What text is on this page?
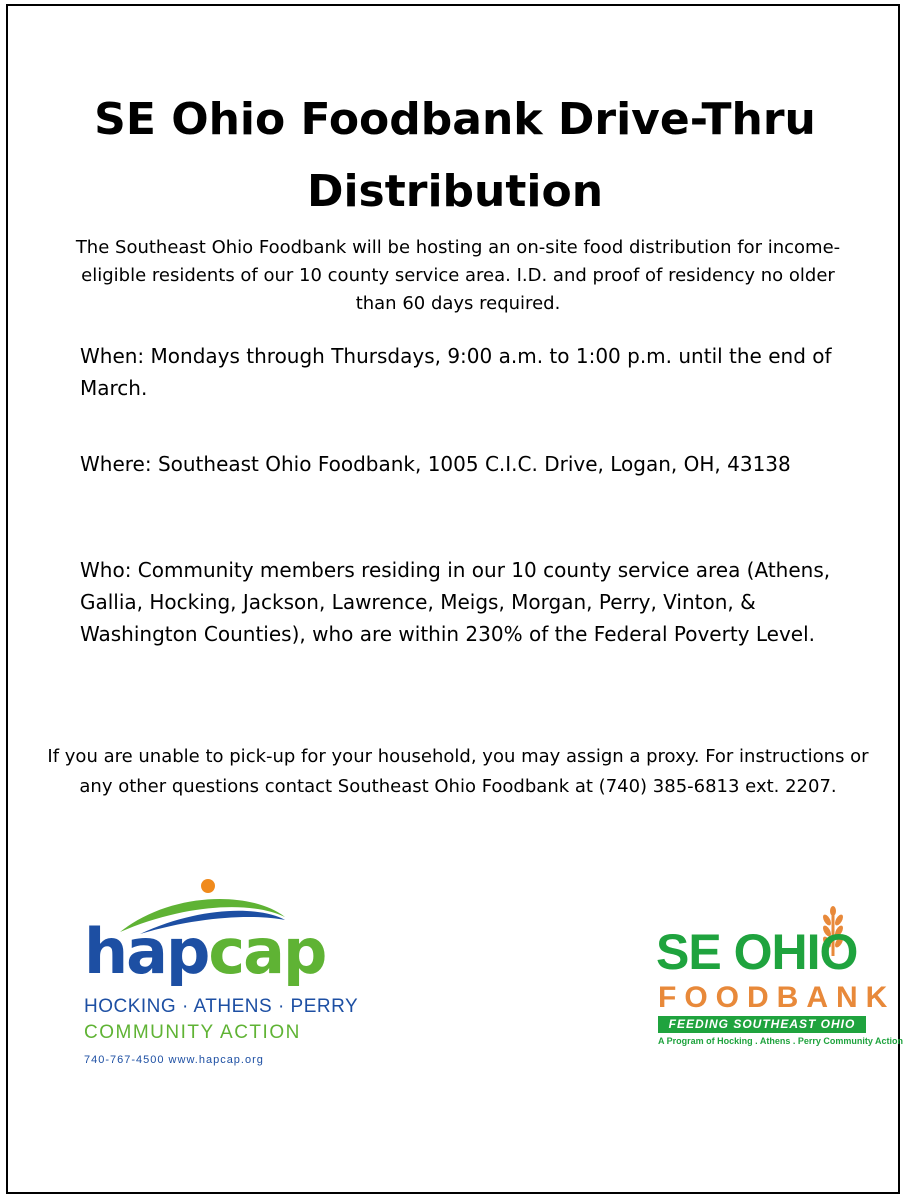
SE Ohio Foodbank Drive-Thru Distribution

The Southeast Ohio Foodbank will be hosting an on-site food distribution for income-eligible residents of our 10 county service area. I.D. and proof of residency no older than 60 days required.

When: Mondays through Thursdays, 9:00 a.m. to 1:00 p.m. until the end of March.

Where: Southeast Ohio Foodbank, 1005 C.I.C. Drive, Logan, OH, 43138

Who: Community members residing in our 10 county service area (Athens, Gallia, Hocking, Jackson, Lawrence, Meigs, Morgan, Perry, Vinton, & Washington Counties), who are within 230% of the Federal Poverty Level.

If you are unable to pick-up for your household, you may assign a proxy. For instructions or any other questions contact Southeast Ohio Foodbank at (740) 385-6813 ext. 2207.

hapcap
HOCKING · ATHENS · PERRY
COMMUNITY ACTION
740-767-4500 www.hapcap.org
SE OHIO
FOODBANK
FEEDING SOUTHEAST OHIO
A Program of Hocking . Athens . Perry Community Action
